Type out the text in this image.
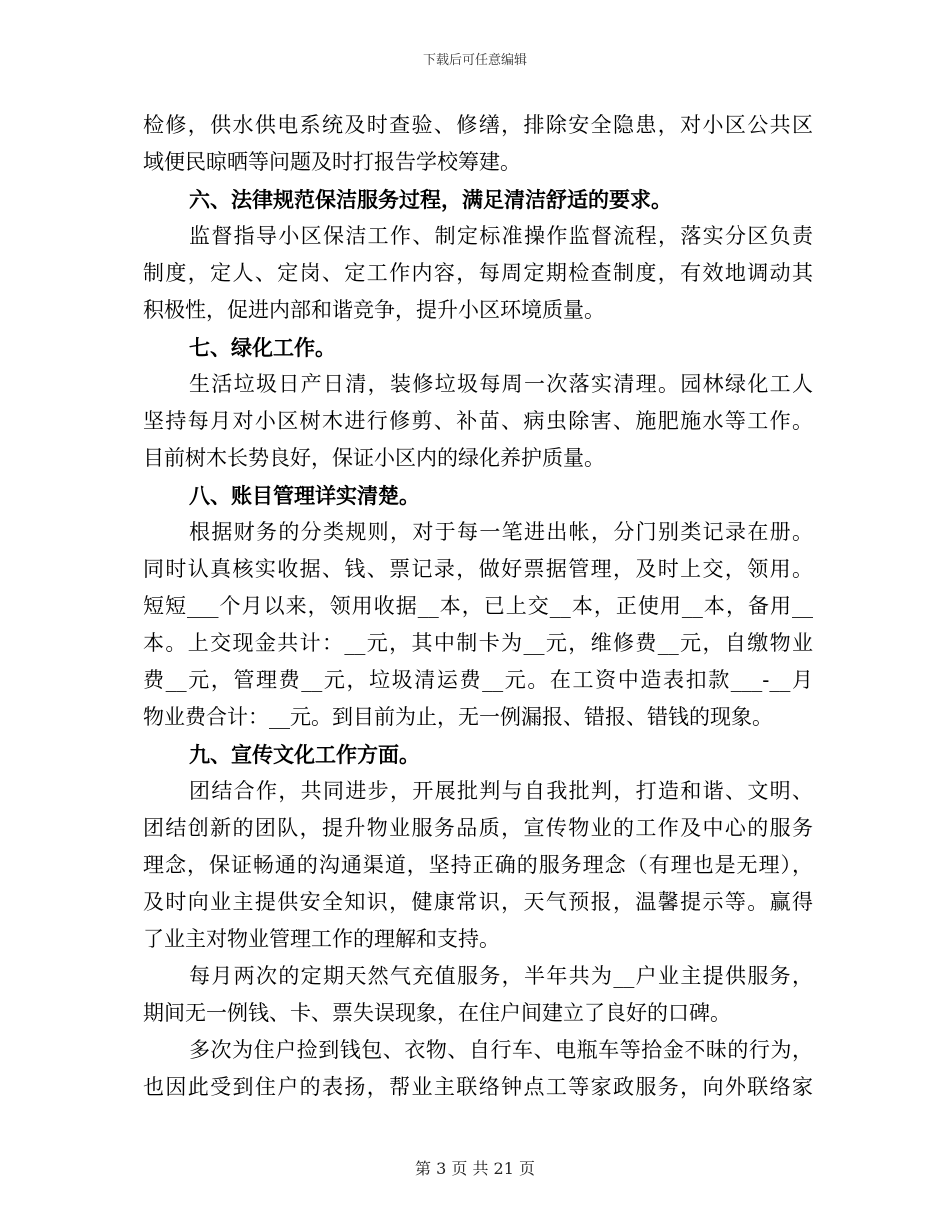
下载后可任意编辑
检修，供水供电系统及时查验、修缮，排除安全隐患，对小区公共区
域便民晾晒等问题及时打报告学校筹建。
六、法律规范保洁服务过程，满足清洁舒适的要求。
监督指导小区保洁工作、制定标准操作监督流程，落实分区负责
制度，定人、定岗、定工作内容，每周定期检查制度，有效地调动其
积极性，促进内部和谐竞争，提升小区环境质量。
七、绿化工作。
生活垃圾日产日清，装修垃圾每周一次落实清理。园林绿化工人
坚持每月对小区树木进行修剪、补苗、病虫除害、施肥施水等工作。
目前树木长势良好，保证小区内的绿化养护质量。
八、账目管理详实清楚。
根据财务的分类规则，对于每一笔进出帐，分门别类记录在册。
同时认真核实收据、钱、票记录，做好票据管理，及时上交，领用。
短短___个月以来，领用收据__本，已上交__本，正使用__本，备用__
本。上交现金共计：__元，其中制卡为__元，维修费__元，自缴物业
费__元，管理费__元，垃圾清运费__元。在工资中造表扣款___-__月
物业费合计：__元。到目前为止，无一例漏报、错报、错钱的现象。
九、宣传文化工作方面。
团结合作，共同进步，开展批判与自我批判，打造和谐、文明、
团结创新的团队，提升物业服务品质，宣传物业的工作及中心的服务
理念，保证畅通的沟通渠道，坚持正确的服务理念（有理也是无理），
及时向业主提供安全知识，健康常识，天气预报，温馨提示等。赢得
了业主对物业管理工作的理解和支持。
每月两次的定期天然气充值服务，半年共为__户业主提供服务，
期间无一例钱、卡、票失误现象，在住户间建立了良好的口碑。
多次为住户捡到钱包、衣物、自行车、电瓶车等拾金不昧的行为，
也因此受到住户的表扬，帮业主联络钟点工等家政服务，向外联络家
第 3 页 共 21 页
